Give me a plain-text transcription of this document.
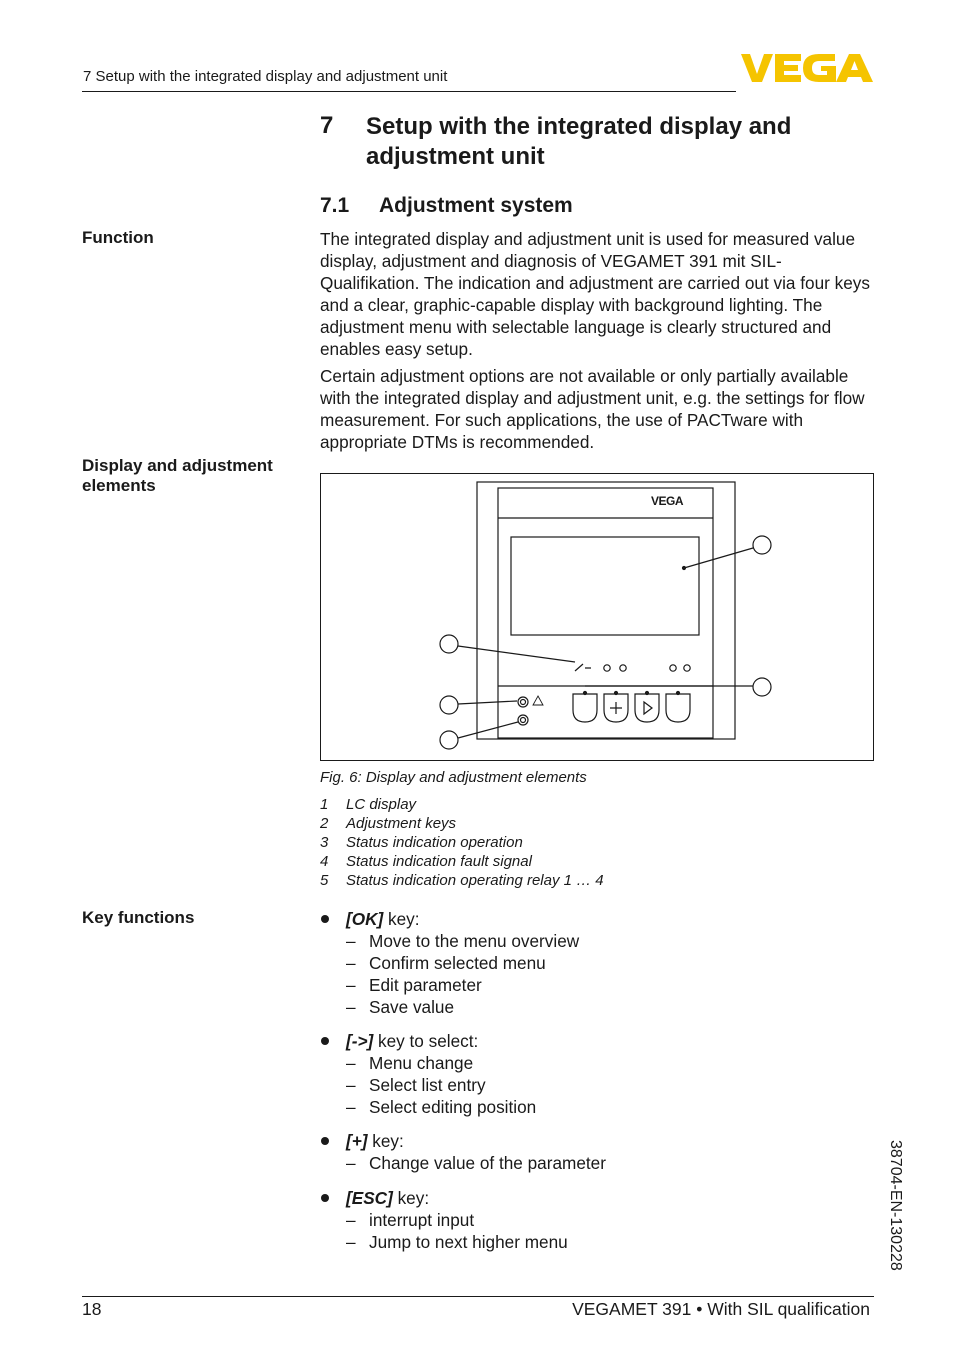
7 Setup with the integrated display and adjustment unit
7 Setup with the integrated display and adjustment unit
7.1 Adjustment system
Function
Display and adjustment elements
Key functions
The integrated display and adjustment unit is used for measured value display, adjustment and diagnosis of VEGAMET 391 mit SIL-Qualifikation. The indication and adjustment are carried out via four keys and a clear, graphic-capable display with background lighting. The adjustment menu with selectable language is clearly structured and enables easy setup.
Certain adjustment options are not available or only partially available with the integrated display and adjustment unit, e.g. the settings for flow measurement. For such applications, the use of PACTware with appropriate DTMs is recommended.
VEGA
Fig. 6: Display and adjustment elements
1	LC display
2	Adjustment keys
3	Status indication operation
4	Status indication fault signal
5	Status indication operating relay 1 … 4
[OK] key:
– Move to the menu overview
– Confirm selected menu
– Edit parameter
– Save value
[->] key to select:
– Menu change
– Select list entry
– Select editing position
[+] key:
– Change value of the parameter
[ESC] key:
– interrupt input
– Jump to next higher menu	38704-EN-130228
18	VEGAMET 391 • With SIL qualification
